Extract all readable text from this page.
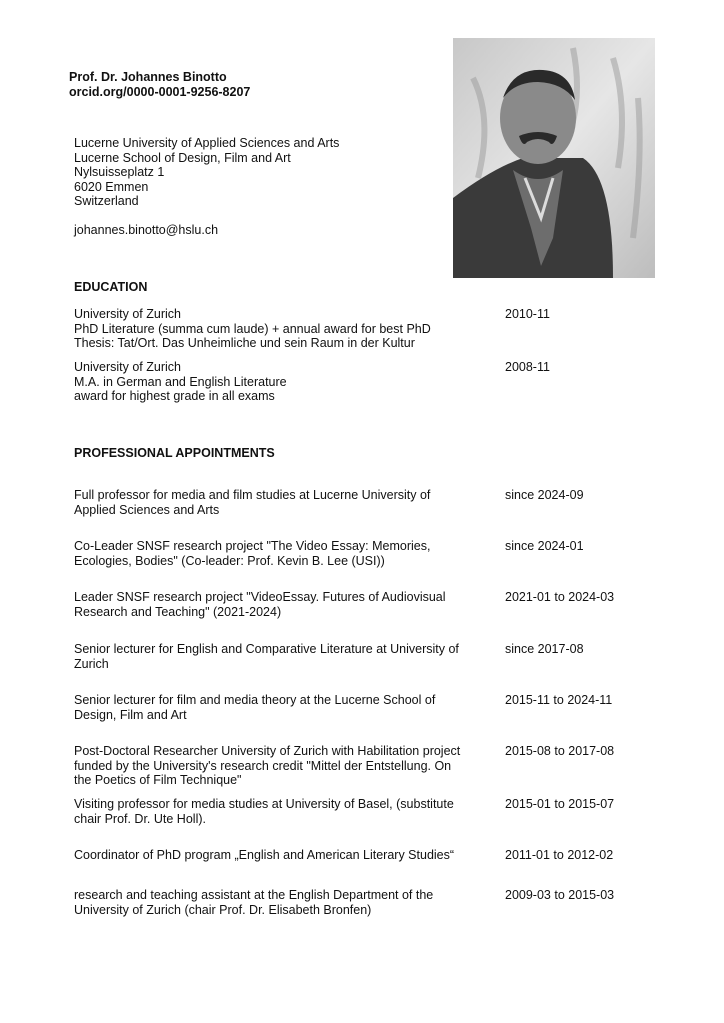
Prof. Dr. Johannes Binotto
orcid.org/0000-0001-9256-8207
Lucerne University of Applied Sciences and Arts
Lucerne School of Design, Film and Art
Nylsuisseplatz 1
6020 Emmen
Switzerland
johannes.binotto@hslu.ch
EDUCATION
University of Zurich
PhD Literature (summa cum laude) + annual award for best PhD
Thesis: Tat/Ort. Das Unheimliche und sein Raum in der Kultur
2010-11
University of Zurich
M.A. in German and English Literature
award for highest grade in all exams
2008-11
PROFESSIONAL APPOINTMENTS
Full professor for media and film studies at Lucerne University of
Applied Sciences and Arts
since 2024-09
Co-Leader SNSF research project "The Video Essay: Memories,
Ecologies, Bodies" (Co-leader: Prof. Kevin B. Lee (USI))
since 2024-01
Leader SNSF research project "VideoEssay. Futures of Audiovisual
Research and Teaching" (2021-2024)
2021-01 to 2024-03
Senior lecturer for English and Comparative Literature at University of
Zurich
since 2017-08
Senior lecturer for film and media theory at the Lucerne School of
Design, Film and Art
2015-11 to 2024-11
Post-Doctoral Researcher University of Zurich with Habilitation project
funded by the University's research credit "Mittel der Entstellung. On
the Poetics of Film Technique"
2015-08 to 2017-08
Visiting professor for media studies at University of Basel, (substitute
chair Prof. Dr. Ute Holl).
2015-01 to 2015-07
Coordinator of PhD program „English and American Literary Studies“	2011-01 to 2012-02
research and teaching assistant at the English Department of the
University of Zurich (chair Prof. Dr. Elisabeth Bronfen)
2009-03 to 2015-03
